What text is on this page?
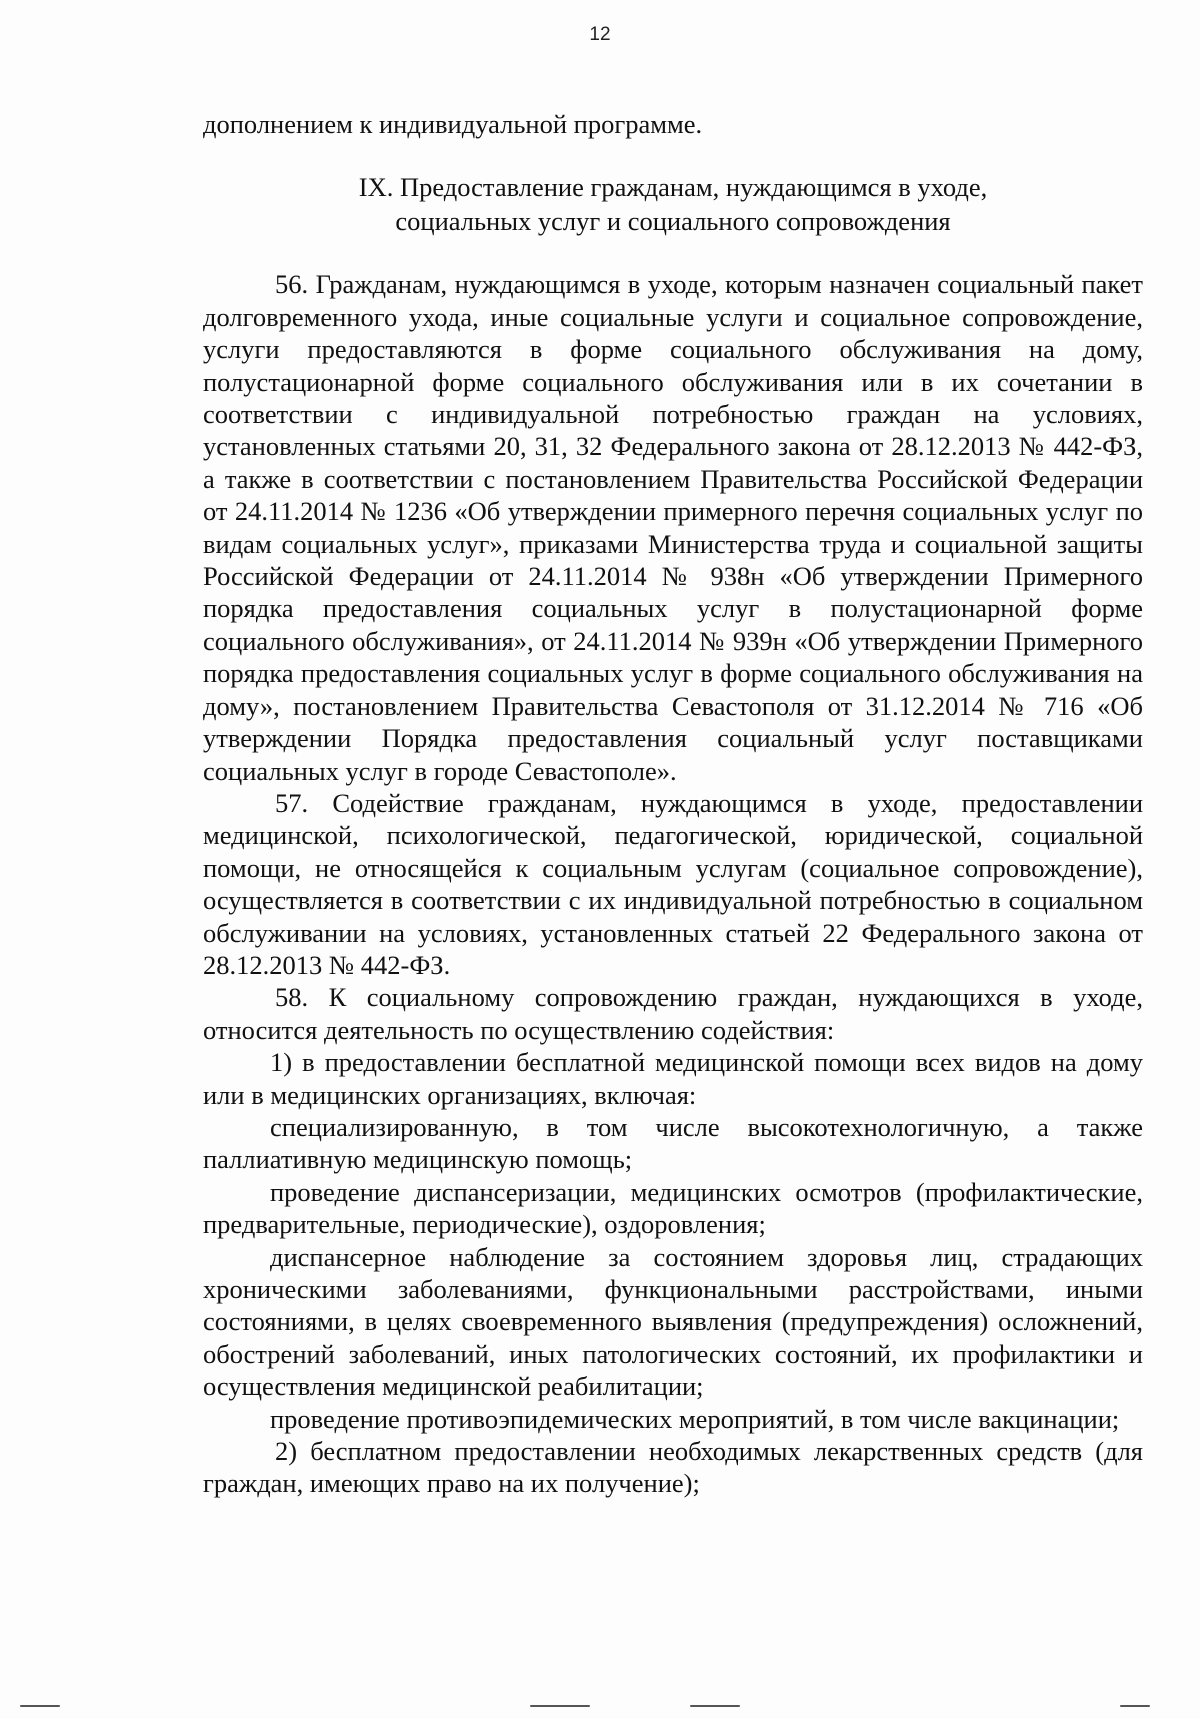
12

дополнением к индивидуальной программе.

IX. Предоставление гражданам, нуждающимся в уходе,
социальных услуг и социального сопровождения

56. Гражданам, нуждающимся в уходе, которым назначен социальный пакет долговременного ухода, иные социальные услуги и социальное сопровождение, услуги предоставляются в форме социального обслуживания на дому, полустационарной форме социального обслуживания или в их сочетании в соответствии с индивидуальной потребностью граждан на условиях, установленных статьями 20, 31, 32 Федерального закона от 28.12.2013 № 442-ФЗ, а также в соответствии с постановлением Правительства Российской Федерации от 24.11.2014 № 1236 «Об утверждении примерного перечня социальных услуг по видам социальных услуг», приказами Министерства труда и социальной защиты Российской Федерации от 24.11.2014 № 938н «Об утверждении Примерного порядка предоставления социальных услуг в полустационарной форме социального обслуживания», от 24.11.2014 № 939н «Об утверждении Примерного порядка предоставления социальных услуг в форме социального обслуживания на дому», постановлением Правительства Севастополя от 31.12.2014 № 716 «Об утверждении Порядка предоставления социальный услуг поставщиками социальных услуг в городе Севастополе».

57. Содействие гражданам, нуждающимся в уходе, предоставлении медицинской, психологической, педагогической, юридической, социальной помощи, не относящейся к социальным услугам (социальное сопровождение), осуществляется в соответствии с их индивидуальной потребностью в социальном обслуживании на условиях, установленных статьей 22 Федерального закона от 28.12.2013 № 442-ФЗ.

58. К социальному сопровождению граждан, нуждающихся в уходе, относится деятельность по осуществлению содействия:

1) в предоставлении бесплатной медицинской помощи всех видов на дому или в медицинских организациях, включая:

специализированную, в том числе высокотехнологичную, а также паллиативную медицинскую помощь;

проведение диспансеризации, медицинских осмотров (профилактические, предварительные, периодические), оздоровления;

диспансерное наблюдение за состоянием здоровья лиц, страдающих хроническими заболеваниями, функциональными расстройствами, иными состояниями, в целях своевременного выявления (предупреждения) осложнений, обострений заболеваний, иных патологических состояний, их профилактики и осуществления медицинской реабилитации;

проведение противоэпидемических мероприятий, в том числе вакцинации;

2) бесплатном предоставлении необходимых лекарственных средств (для граждан, имеющих право на их получение);
